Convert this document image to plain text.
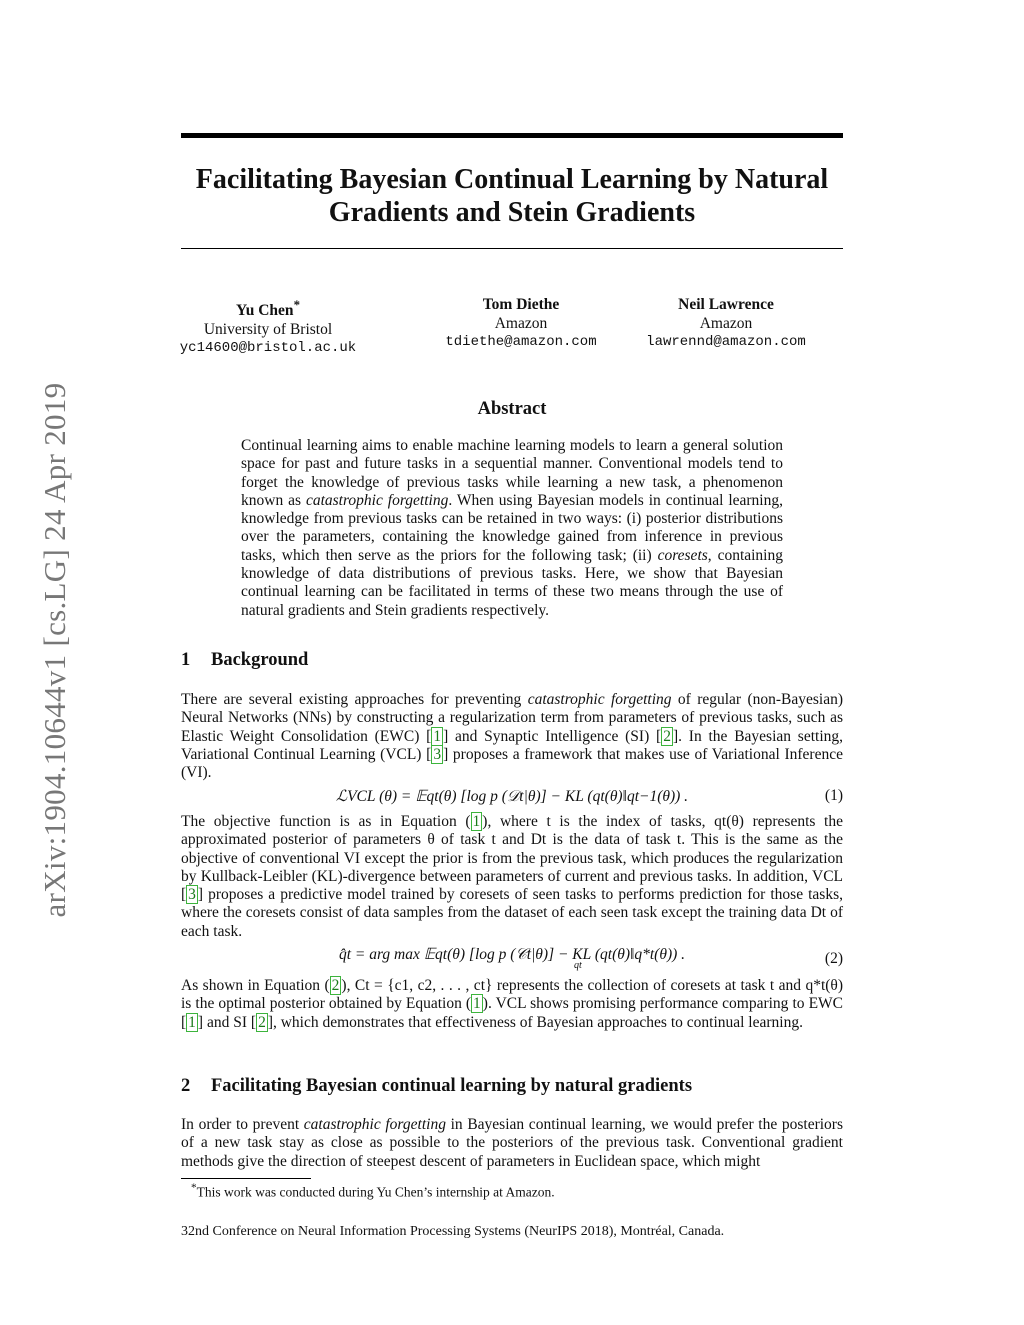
arXiv:1904.10644v1 [cs.LG] 24 Apr 2019
Facilitating Bayesian Continual Learning by Natural
Gradients and Stein Gradients
Yu Chen*
University of Bristol
yc14600@bristol.ac.uk
Tom Diethe
Amazon
tdiethe@amazon.com
Neil Lawrence
Amazon
lawrennd@amazon.com
Abstract

Continual learning aims to enable machine learning models to learn a general solution space for past and future tasks in a sequential manner. Conventional models tend to forget the knowledge of previous tasks while learning a new task, a phenomenon known as catastrophic forgetting. When using Bayesian models in continual learning, knowledge from previous tasks can be retained in two ways: (i) posterior distributions over the parameters, containing the knowledge gained from inference in previous tasks, which then serve as the priors for the following task; (ii) coresets, containing knowledge of data distributions of previous tasks. Here, we show that Bayesian continual learning can be facilitated in terms of these two means through the use of natural gradients and Stein gradients respectively.

1 Background

There are several existing approaches for preventing catastrophic forgetting of regular (non-Bayesian) Neural Networks (NNs) by constructing a regularization term from parameters of previous tasks, such as Elastic Weight Consolidation (EWC) [ 1 ] and Synaptic Intelligence (SI) [ 2 ]. In the Bayesian setting, Variational Continual Learning (VCL) [ 3 ] proposes a framework that makes use of Variational Inference (VI).

ℒVCL (θ) = 𝔼qt(θ) [log p (𝒟t|θ)] − KL (qt(θ)‖qt−1(θ)) .	(1)

The objective function is as in Equation ( 1 ), where t is the index of tasks, qt(θ) represents the approximated posterior of parameters θ of task t and Dt is the data of task t. This is the same as the objective of conventional VI except the prior is from the previous task, which produces the regularization by Kullback-Leibler (KL)-divergence between parameters of current and previous tasks. In addition, VCL [ 3 ] proposes a predictive model trained by coresets of seen tasks to performs prediction for those tasks, where the coresets consist of data samples from the dataset of each seen task except the training data Dt of each task.

q̂t = arg max 𝔼qt(θ) [log p (𝒞t|θ)] − KL (qt(θ)‖q*t(θ)) .
qt	(2)

As shown in Equation ( 2 ), Ct = {c1, c2, . . . , ct} represents the collection of coresets at task t and q*t(θ) is the optimal posterior obtained by Equation ( 1 ). VCL shows promising performance comparing to EWC [ 1 ] and SI [ 2 ], which demonstrates that effectiveness of Bayesian approaches to continual learning.

2 Facilitating Bayesian continual learning by natural gradients

In order to prevent catastrophic forgetting in Bayesian continual learning, we would prefer the posteriors of a new task stay as close as possible to the posteriors of the previous task. Conventional gradient methods give the direction of steepest descent of parameters in Euclidean space, which might

*This work was conducted during Yu Chen’s internship at Amazon.
32nd Conference on Neural Information Processing Systems (NeurIPS 2018), Montréal, Canada.
